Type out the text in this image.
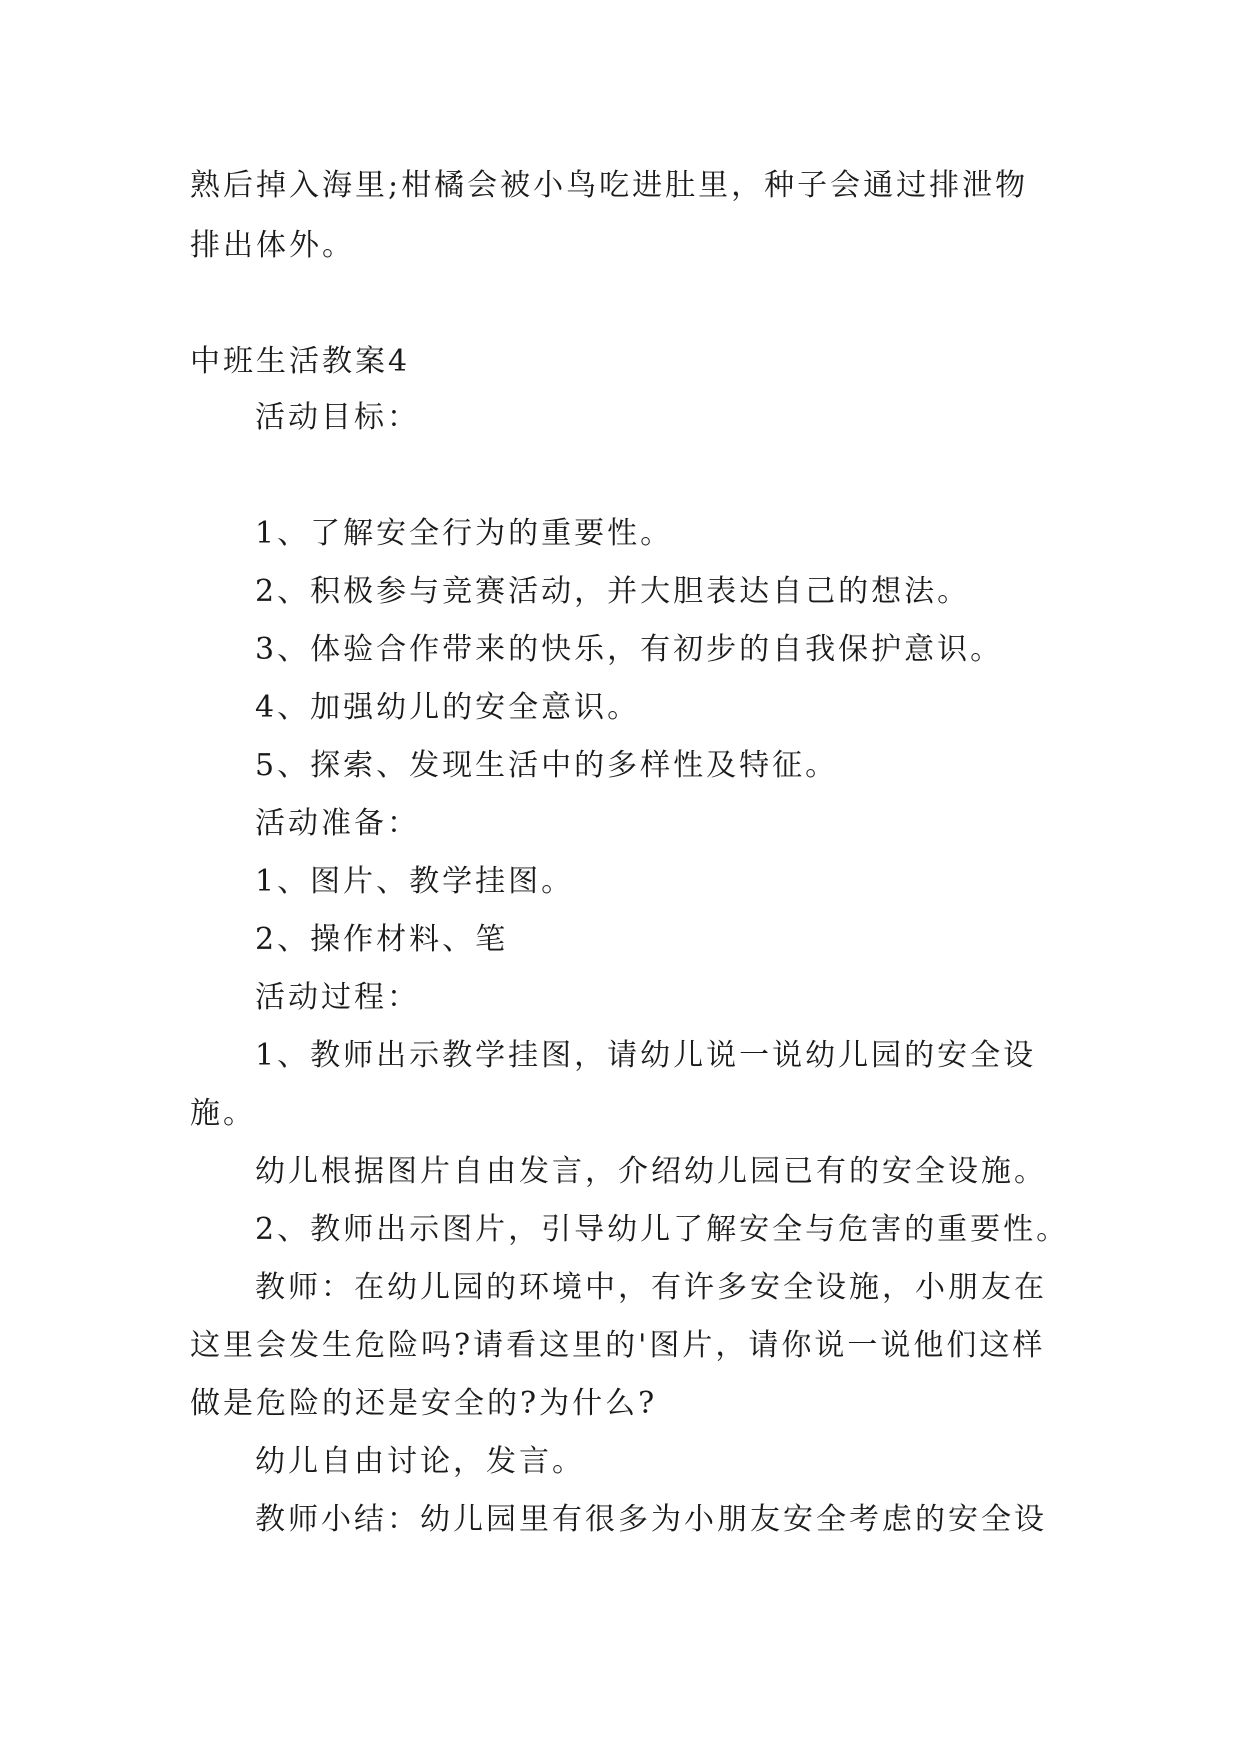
熟后掉入海里;柑橘会被小鸟吃进肚里，种子会通过排泄物
排出体外。
中班生活教案4
活动目标：
1、了解安全行为的重要性。
2、积极参与竞赛活动，并大胆表达自己的想法。
3、体验合作带来的快乐，有初步的自我保护意识。
4、加强幼儿的安全意识。
5、探索、发现生活中的多样性及特征。
活动准备：
1、图片、教学挂图。
2、操作材料、笔
活动过程：
1、教师出示教学挂图，请幼儿说一说幼儿园的安全设
施。
幼儿根据图片自由发言，介绍幼儿园已有的安全设施。
2、教师出示图片，引导幼儿了解安全与危害的重要性。
教师：在幼儿园的环境中，有许多安全设施，小朋友在
这里会发生危险吗?请看这里的'图片，请你说一说他们这样
做是危险的还是安全的?为什么?
幼儿自由讨论，发言。
教师小结：幼儿园里有很多为小朋友安全考虑的安全设
